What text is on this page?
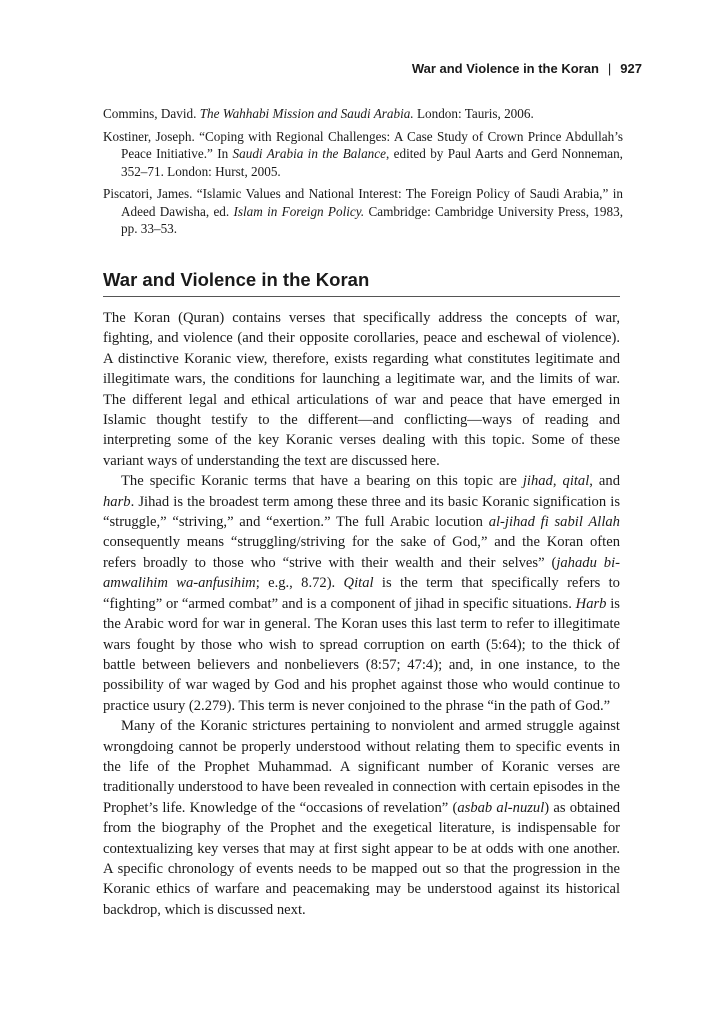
War and Violence in the Koran | 927

Commins, David. The Wahhabi Mission and Saudi Arabia. London: Tauris, 2006.

Kostiner, Joseph. “Coping with Regional Challenges: A Case Study of Crown Prince Abdullah’s Peace Initiative.” In Saudi Arabia in the Balance, edited by Paul Aarts and Gerd Nonneman, 352–71. London: Hurst, 2005.

Piscatori, James. “Islamic Values and National Interest: The Foreign Policy of Saudi Arabia,” in Adeed Dawisha, ed. Islam in Foreign Policy. Cambridge: Cambridge University Press, 1983, pp. 33–53.

War and Violence in the Koran

The Koran (Quran) contains verses that specifically address the concepts of war, fighting, and violence (and their opposite corollaries, peace and eschewal of violence). A distinctive Koranic view, therefore, exists regarding what constitutes legitimate and illegitimate wars, the conditions for launching a legitimate war, and the limits of war. The different legal and ethical articulations of war and peace that have emerged in Islamic thought testify to the different—and conflicting—ways of reading and interpreting some of the key Koranic verses dealing with this topic. Some of these variant ways of understanding the text are discussed here.

The specific Koranic terms that have a bearing on this topic are jihad, qital, and harb. Jihad is the broadest term among these three and its basic Koranic signification is “struggle,” “striving,” and “exertion.” The full Arabic locution al-jihad fi sabil Allah consequently means “struggling/striving for the sake of God,” and the Koran often refers broadly to those who “strive with their wealth and their selves” (jahadu bi-amwalihim wa-anfusihim; e.g., 8.72). Qital is the term that specifically refers to “fighting” or “armed combat” and is a component of jihad in specific situations. Harb is the Arabic word for war in general. The Koran uses this last term to refer to illegitimate wars fought by those who wish to spread corruption on earth (5:64); to the thick of battle between believers and nonbelievers (8:57; 47:4); and, in one instance, to the possibility of war waged by God and his prophet against those who would continue to practice usury (2.279). This term is never conjoined to the phrase “in the path of God.”

Many of the Koranic strictures pertaining to nonviolent and armed struggle against wrongdoing cannot be properly understood without relating them to specific events in the life of the Prophet Muhammad. A significant number of Koranic verses are traditionally understood to have been revealed in connection with certain episodes in the Prophet’s life. Knowledge of the “occasions of revelation” (asbab al-nuzul) as obtained from the biography of the Prophet and the exegetical literature, is indispensable for contextualizing key verses that may at first sight appear to be at odds with one another. A specific chronology of events needs to be mapped out so that the progression in the Koranic ethics of warfare and peacemaking may be understood against its historical backdrop, which is discussed next.
